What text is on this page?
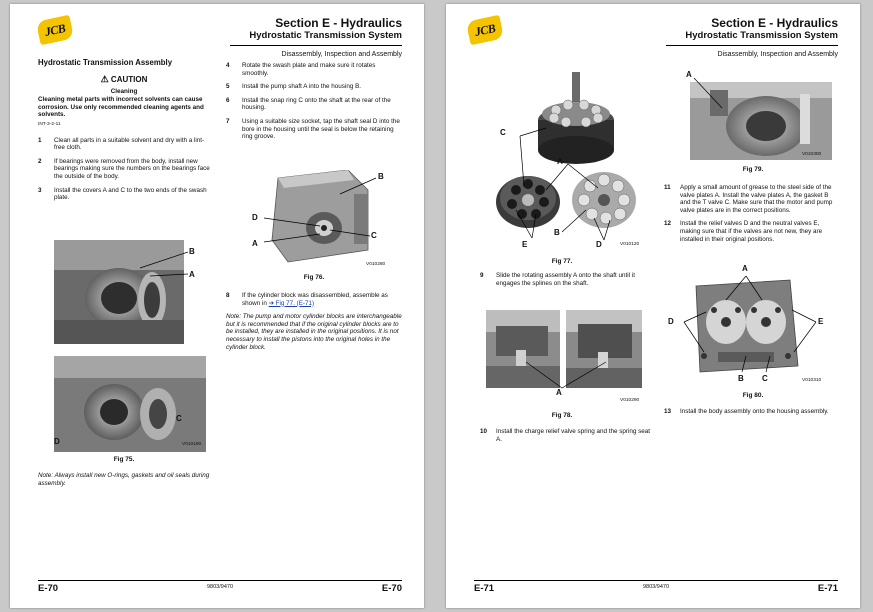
JCB	Section E - Hydraulics
Hydrostatic Transmission System
Disassembly, Inspection and Assembly
Hydrostatic Transmission Assembly
⚠ CAUTION
Cleaning
Cleaning metal parts with incorrect solvents can cause corrosion. Use only recommended cleaning agents and solvents.
INT-3-2-11
1 Clean all parts in a suitable solvent and dry with a lint-free cloth.
2 If bearings were removed from the body, install new bearings making sure the numbers on the bearings face the outside of the body.
3 Install the covers A and C to the two ends of the swash plate.
B
A
C
D	V010190
Fig 75.
Note: Always install new O-rings, gaskets and oil seals during assembly.
4 Rotate the swash plate and make sure it rotates smoothly.
5 Install the pump shaft A into the housing B.
6 Install the snap ring C onto the shaft at the rear of the housing.
7 Using a suitable size socket, tap the shaft seal D into the bore in the housing until the seal is below the retaining ring groove.
B
D
C
A
V010280
Fig 76.
8 If the cylinder block was disassembled, assemble as shown in ➔ Fig 77. (E-71)
Note: The pump and motor cylinder blocks are interchangeable but it is recommended that if the original cylinder blocks are to be installed, they are installed in the original positions. It is not necessary to install the pistons into the original holes in the cylinder block.
E-70	9803/9470	E-70
JCB	Section E - Hydraulics
Hydrostatic Transmission System
Disassembly, Inspection and Assembly
C
A
B
E	D	V010120
Fig 77.
9 Slide the rotating assembly A onto the shaft until it engages the splines on the shaft.
A
V010290
Fig 78.
10 Install the charge relief valve spring and the spring seat A.
A
V010300
Fig 79.
11 Apply a small amount of grease to the steel side of the valve plates A. Install the valve plates A, the gasket B and the T valve C. Make sure that the motor and pump valve plates are in the correct positions.
12 Install the relief valves D and the neutral valves E, making sure that if the valves are not new, they are installed in their original positions.
A
D	E
B C	V010310
Fig 80.
13 Install the body assembly onto the housing assembly.
E-71	9803/9470	E-71
